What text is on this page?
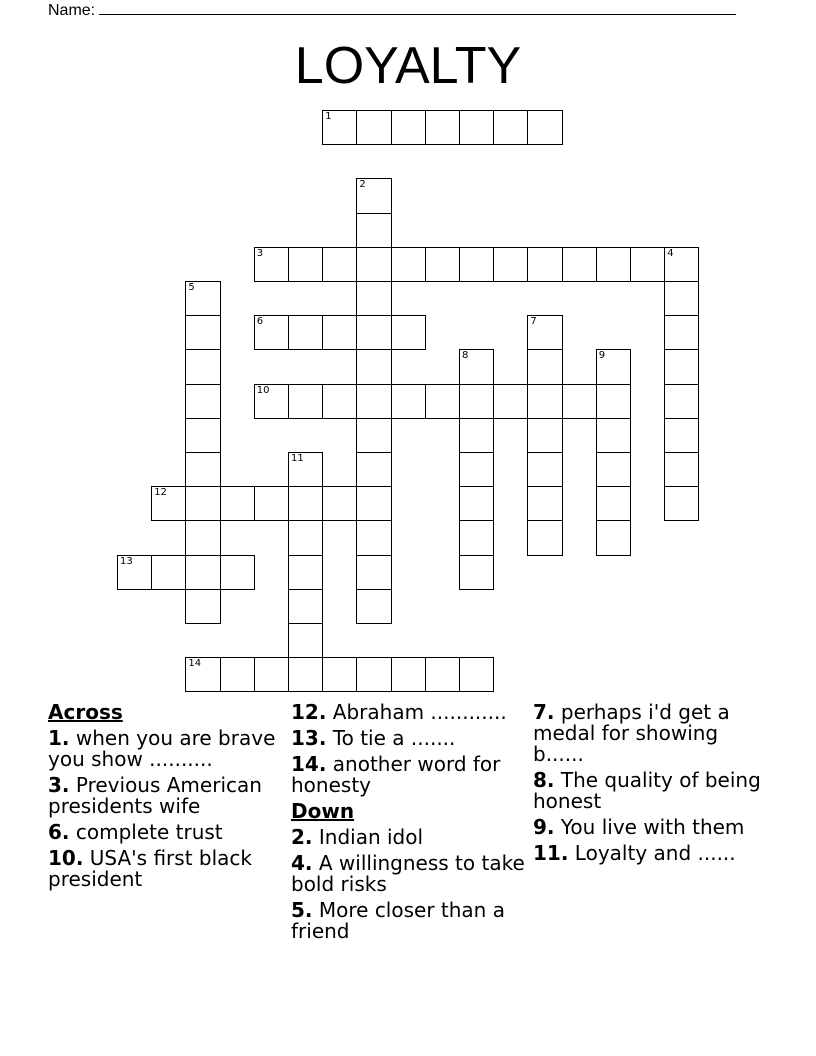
Name:
LOYALTY
1
2
3	4
5
6	7
8	9
10
11
12
13
14
Across
1. when you are brave you show ..........
3. Previous American presidents wife
6. complete trust
10. USA's first black president
12. Abraham ............
13. To tie a .......
14. another word for honesty
Down
2. Indian idol
4. A willingness to take bold risks
5. More closer than a friend
7. perhaps i'd get a medal for showing b......
8. The quality of being honest
9. You live with them
11. Loyalty and ......
